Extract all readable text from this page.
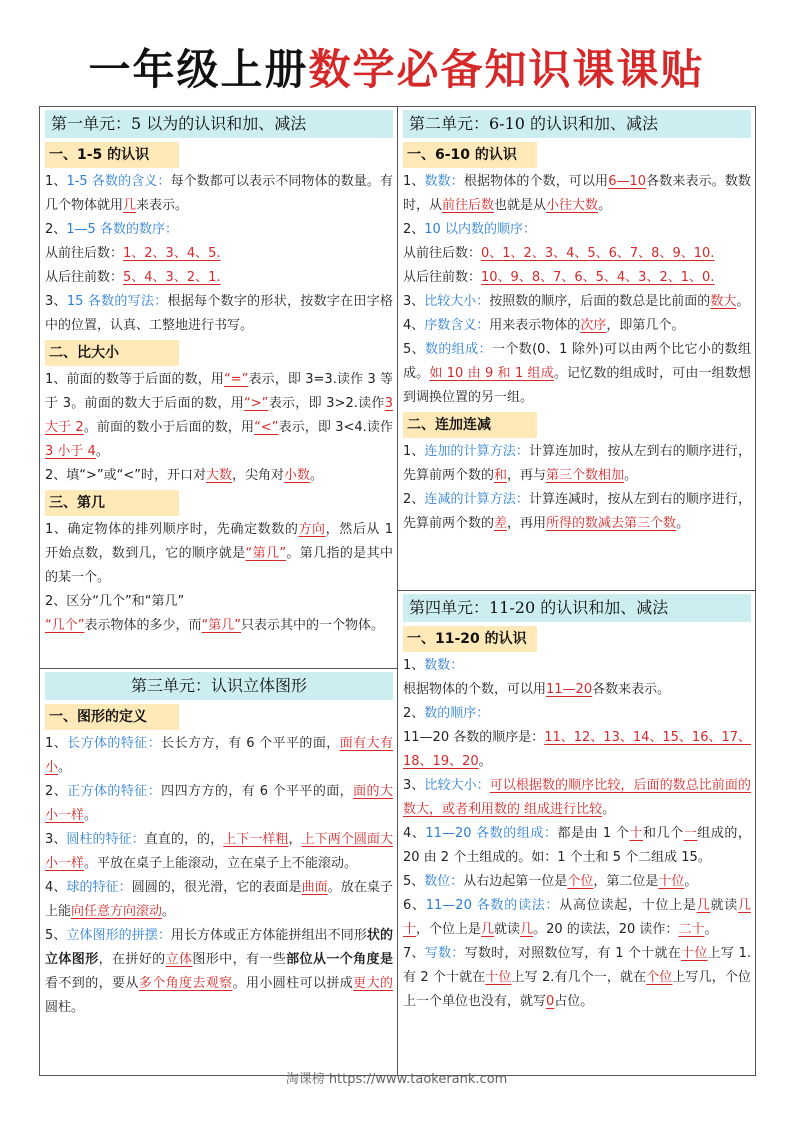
一年级上册数学必备知识课课贴
第一单元：5 以为的认识和加、减法
一、1-5 的认识

1、1-5 各数的含义：每个数都可以表示不同物体的数量。有几个物体就用几来表示。

2、1—5 各数的数序：

从前往后数：1、2、3、4、5.

从后往前数：5、4、3、2、1.

3、15 各数的写法：根据每个数字的形状，按数字在田字格中的位置，认真、工整地进行书写。

二、比大小

1、前面的数等于后面的数，用“=”表示，即 3=3.读作 3 等于 3。前面的数大于后面的数，用“>”表示，即 3>2.读作3 大于 2。前面的数小于后面的数，用“<”表示，即 3<4.读作3 小于 4。

2、填“>”或“<”时，开口对大数，尖角对小数。

三、第几

1、确定物体的排列顺序时，先确定数数的方向，然后从 1 开始点数，数到几，它的顺序就是“第几”。第几指的是其中的某一个。

2、区分“几个”和“第几”

“几个”表示物体的多少，而“第几”只表示其中的一个物体。

第二单元：6-10 的认识和加、减法
一、6-10 的认识

1、数数：根据物体的个数，可以用6—10各数来表示。数数时，从前往后数也就是从小往大数。

2、10 以内数的顺序：

从前往后数：0、1、2、3、4、5、6、7、8、9、10.

从后往前数：10、9、8、7、6、5、4、3、2、1、0.

3、比较大小：按照数的顺序，后面的数总是比前面的数大。

4、序数含义：用来表示物体的次序，即第几个。

5、数的组成：一个数(0、1 除外)可以由两个比它小的数组成。如 10 由 9 和 1 组成。记忆数的组成时，可由一组数想到调换位置的另一组。

二、连加连减

1、连加的计算方法：计算连加时，按从左到右的顺序进行，先算前两个数的和，再与第三个数相加。

2、连减的计算方法：计算连减时，按从左到右的顺序进行，先算前两个数的差，再用所得的数减去第三个数。

第三单元：认识立体图形
一、图形的定义

1、长方体的特征：长长方方，有 6 个平平的面，面有大有小。

2、正方体的特征：四四方方的，有 6 个平平的面，面的大小一样。

3、圆柱的特征：直直的，的，上下一样粗，上下两个圆面大小一样。平放在桌子上能滚动，立在桌子上不能滚动。

4、球的特征：圆圆的，很光滑，它的表面是曲面。放在桌子上能向任意方向滚动。

5、立体图形的拼摆：用长方体或正方体能拼组出不同形状的立体图形，在拼好的立体图形中，有一些部位从一个角度是看不到的，要从多个角度去观察。用小圆柱可以拼成更大的圆柱。

第四单元：11-20 的认识和加、减法
一、11-20 的认识

1、数数：

根据物体的个数，可以用11—20各数来表示。

2、数的顺序：

11—20 各数的顺序是：11、12、13、14、15、16、17、18、19、20。

3、比较大小：可以根据数的顺序比较，后面的数总比前面的数大，或者利用数的 组成进行比较。

4、11—20 各数的组成：都是由 1 个十和几个一组成的，20 由 2 个土组成的。如：1 个土和 5 个二组成 15。

5、数位：从右边起第一位是个位，第二位是十位。

6、11—20 各数的读法：从高位读起，十位上是几就读几十，个位上是几就读几。20 的读法，20 读作：二十。

7、写数：写数时，对照数位写，有 1 个十就在十位上写 1.有 2 个十就在十位上写 2.有几个一，就在个位上写几，个位上一个单位也没有，就写0占位。

淘课榜 https://www.taokerank.com
